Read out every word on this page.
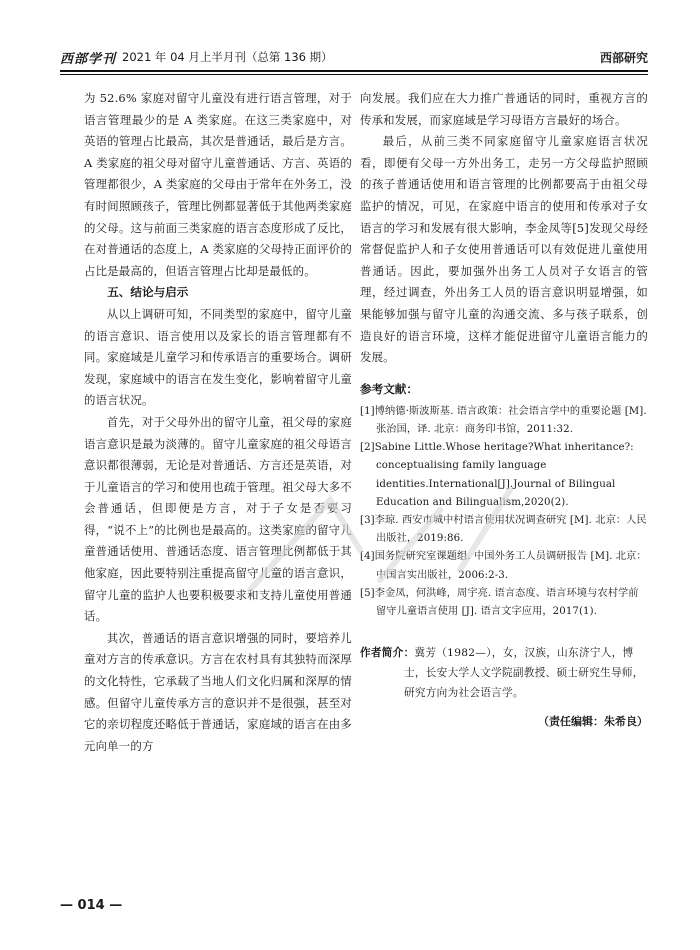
西部学刊 2021 年 04 月上半月刊（总第 136 期）	西部研究

为 52.6% 家庭对留守儿童没有进行语言管理，对于语言管理最少的是 A 类家庭。在这三类家庭中，对英语的管理占比最高，其次是普通话，最后是方言。A 类家庭的祖父母对留守儿童普通话、方言、英语的管理都很少，A 类家庭的父母由于常年在外务工，没有时间照顾孩子，管理比例都显著低于其他两类家庭的父母。这与前面三类家庭的语言态度形成了反比，在对普通话的态度上，A 类家庭的父母持正面评价的占比是最高的，但语言管理占比却是最低的。

五、结论与启示

从以上调研可知，不同类型的家庭中，留守儿童的语言意识、语言使用以及家长的语言管理都有不同。家庭域是儿童学习和传承语言的重要场合。调研发现，家庭域中的语言在发生变化，影响着留守儿童的语言状况。

首先，对于父母外出的留守儿童，祖父母的家庭语言意识是最为淡薄的。留守儿童家庭的祖父母语言意识都很薄弱，无论是对普通话、方言还是英语，对于儿童语言的学习和使用也疏于管理。祖父母大多不会普通话，但即便是方言，对于子女是否要习得，“说不上”的比例也是最高的。这类家庭的留守儿童普通话使用、普通话态度、语言管理比例都低于其他家庭，因此要特别注重提高留守儿童的语言意识，留守儿童的监护人也要积极要求和支持儿童使用普通话。

其次，普通话的语言意识增强的同时，要培养儿童对方言的传承意识。方言在农村具有其独特而深厚的文化特性，它承载了当地人们文化归属和深厚的情感。但留守儿童传承方言的意识并不是很强，甚至对它的亲切程度还略低于普通话，家庭域的语言在由多元向单一的方

向发展。我们应在大力推广普通话的同时，重视方言的传承和发展，而家庭域是学习母语方言最好的场合。

最后，从前三类不同家庭留守儿童家庭语言状况看，即便有父母一方外出务工，走另一方父母监护照顾的孩子普通话使用和语言管理的比例都要高于由祖父母监护的情况，可见，在家庭中语言的使用和传承对子女语言的学习和发展有很大影响，李金凤等[5]发现父母经常督促监护人和子女使用普通话可以有效促进儿童使用普通话。因此，要加强外出务工人员对子女语言的管理，经过调查，外出务工人员的语言意识明显增强，如果能够加强与留守儿童的沟通交流、多与孩子联系，创造良好的语言环境，这样才能促进留守儿童语言能力的发展。

参考文献：

[1]博纳德·斯波斯基. 语言政策：社会语言学中的重要论题 [M]. 张治国，译. 北京：商务印书馆，2011:32.

[2]Sabine Little.Whose heritage?What inheritance?: conceptualising family language identities.International[J].Journal of Bilingual Education and Bilingualism,2020(2).

[3]李琼. 西安市城中村语言使用状况调查研究 [M]. 北京：人民出版社，2019:86.

[4]国务院研究室课题组. 中国外务工人员调研报告 [M]. 北京：中国言实出版社，2006:2-3.

[5]李金凤，何洪峰，周宇亮. 语言态度、语言环境与农村学前留守儿童语言使用 [J]. 语言文字应用，2017(1).

作者简介：冀芳（1982—），女，汉族，山东济宁人，博士，长安大学人文学院副教授、硕士研究生导师，研究方向为社会语言学。
（责任编辑：朱希良）
— 014 —
